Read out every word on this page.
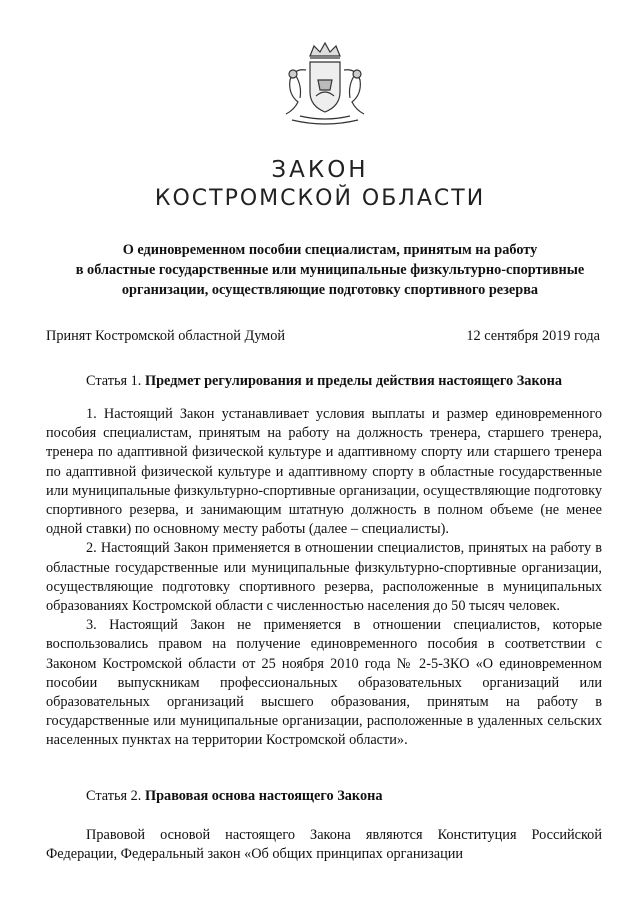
ЗАКОН
КОСТРОМСКОЙ ОБЛАСТИ
О единовременном пособии специалистам, принятым на работу
в областные государственные или муниципальные физкультурно-спортивные
организации, осуществляющие подготовку спортивного резерва
Принят Костромской областной Думой	12 сентября 2019 года
Статья 1. Предмет регулирования и пределы действия настоящего Закона

1. Настоящий Закон устанавливает условия выплаты и размер единовременного пособия специалистам, принятым на работу на должность тренера, старшего тренера, тренера по адаптивной физической культуре и адаптивному спорту или старшего тренера по адаптивной физической культуре и адаптивному спорту в областные государственные или муниципальные физкультурно-спортивные организации, осуществляющие подготовку спортивного резерва, и занимающим штатную должность в полном объеме (не менее одной ставки) по основному месту работы (далее – специалисты).

2. Настоящий Закон применяется в отношении специалистов, принятых на работу в областные государственные или муниципальные физкультурно-спортивные организации, осуществляющие подготовку спортивного резерва, расположенные в муниципальных образованиях Костромской области с численностью населения до 50 тысяч человек.

3. Настоящий Закон не применяется в отношении специалистов, которые воспользовались правом на получение единовременного пособия в соответствии с Законом Костромской области от 25 ноября 2010 года № 2-5-ЗКО «О единовременном пособии выпускникам профессиональных образовательных организаций или образовательных организаций высшего образования, принятым на работу в государственные или муниципальные организации, расположенные в удаленных сельских населенных пунктах на территории Костромской области».

Статья 2. Правовая основа настоящего Закона

Правовой основой настоящего Закона являются Конституция Российской Федерации, Федеральный закон «Об общих принципах организации
